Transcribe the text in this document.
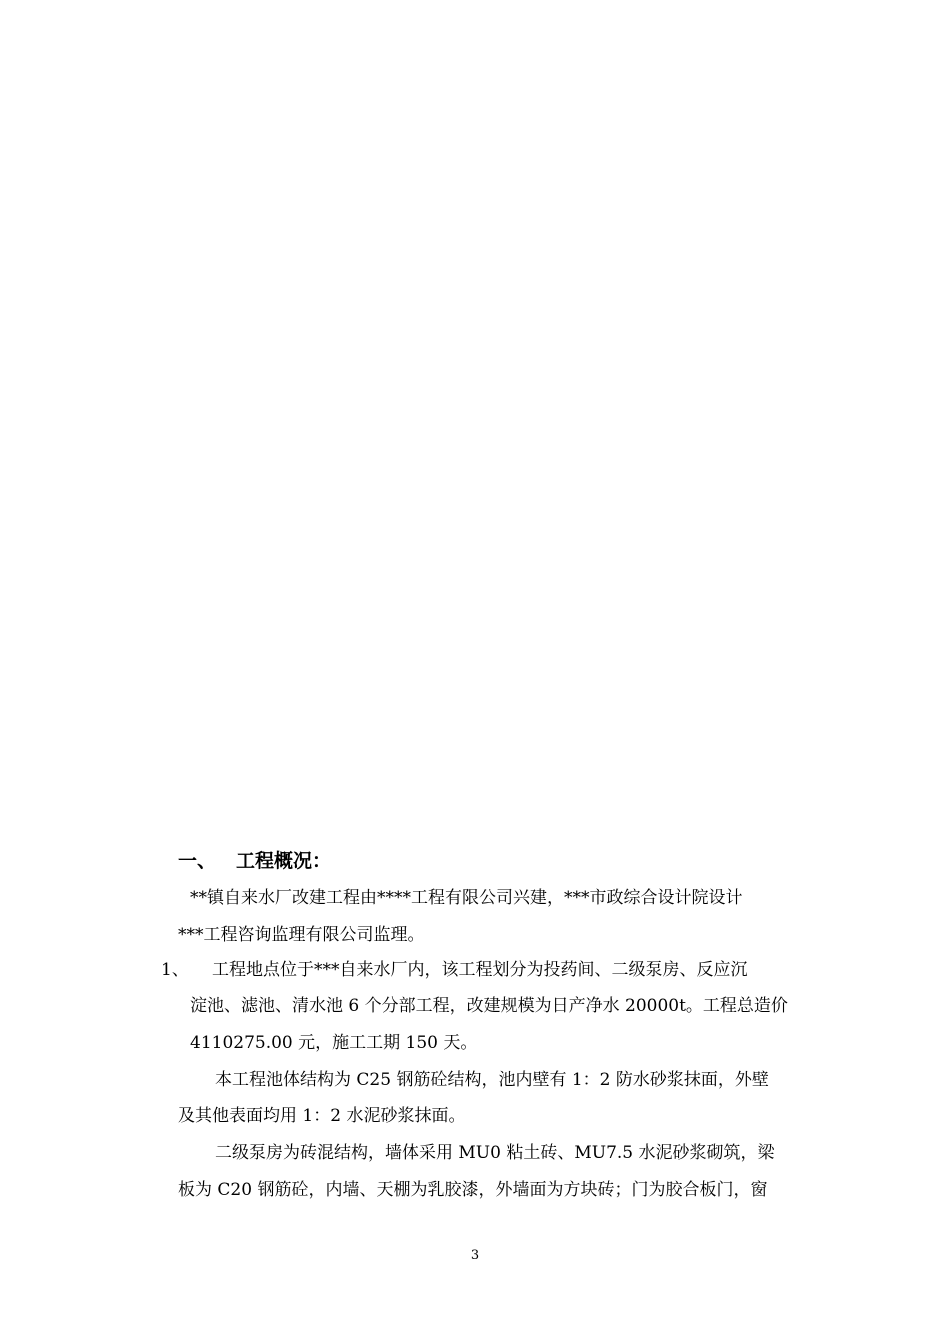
一、 工程概况：
**镇自来水厂改建工程由****工程有限公司兴建，***市政综合设计院设计
***工程咨询监理有限公司监理。
1、 工程地点位于***自来水厂内，该工程划分为投药间、二级泵房、反应沉
淀池、滤池、清水池 6 个分部工程，改建规模为日产净水 20000t。工程总造价
4110275.00 元，施工工期 150 天。
本工程池体结构为 C25 钢筋砼结构，池内壁有 1：2 防水砂浆抹面，外壁
及其他表面均用 1：2 水泥砂浆抹面。
二级泵房为砖混结构，墙体采用 MU0 粘土砖、MU7.5 水泥砂浆砌筑，梁
板为 C20 钢筋砼，内墙、天棚为乳胶漆，外墙面为方块砖；门为胶合板门，窗
3
